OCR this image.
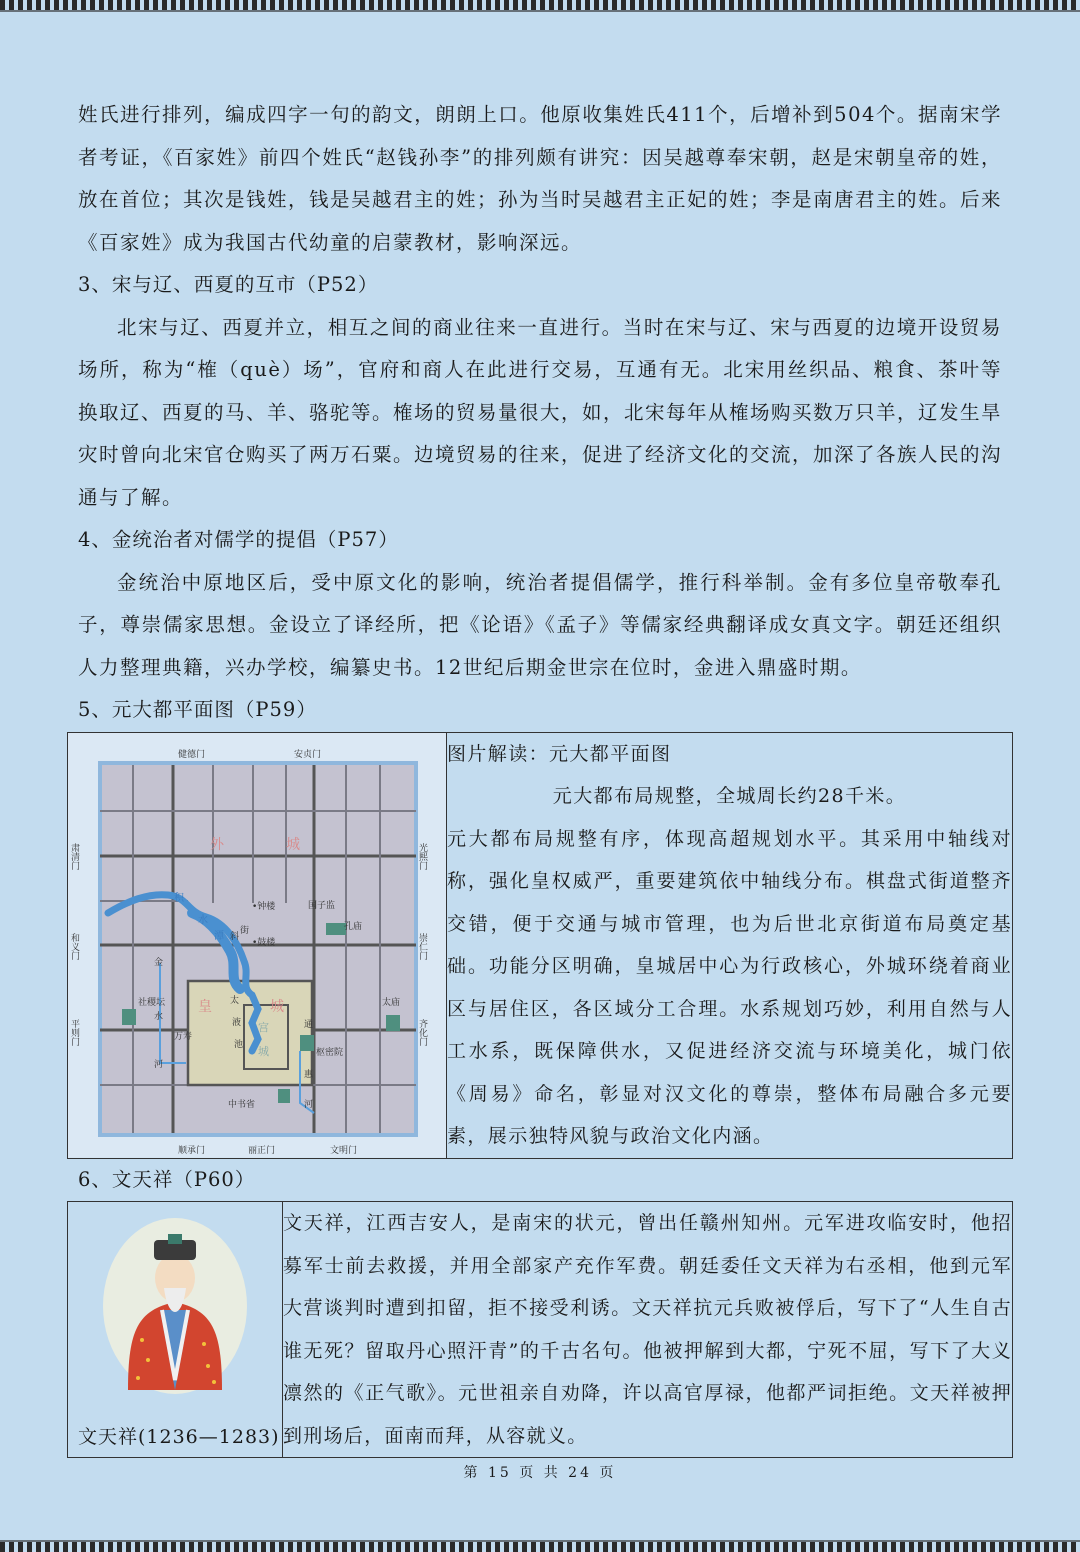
姓氏进行排列，编成四字一句的韵文，朗朗上口。他原收集姓氏411个，后增补到504个。据南宋学者考证，《百家姓》前四个姓氏“赵钱孙李”的排列颇有讲究：因吴越尊奉宋朝，赵是宋朝皇帝的姓，放在首位；其次是钱姓，钱是吴越君主的姓；孙为当时吴越君主正妃的姓；李是南唐君主的姓。后来《百家姓》成为我国古代幼童的启蒙教材，影响深远。

3、宋与辽、西夏的互市（P52）

北宋与辽、西夏并立，相互之间的商业往来一直进行。当时在宋与辽、宋与西夏的边境开设贸易场所，称为“榷（què）场”，官府和商人在此进行交易，互通有无。北宋用丝织品、粮食、茶叶等换取辽、西夏的马、羊、骆驼等。榷场的贸易量很大，如，北宋每年从榷场购买数万只羊，辽发生旱灾时曾向北宋官仓购买了两万石粟。边境贸易的往来，促进了经济文化的交流，加深了各族人民的沟通与了解。

4、金统治者对儒学的提倡（P57）

金统治中原地区后，受中原文化的影响，统治者提倡儒学，推行科举制。金有多位皇帝敬奉孔子，尊崇儒家思想。金设立了译经所，把《论语》《孟子》等儒家经典翻译成女真文字。朝廷还组织人力整理典籍，兴办学校，编纂史书。12世纪后期金世宗在位时，金进入鼎盛时期。

5、元大都平面图（P59）
健德门	安贞门
顺承门	丽正门	文明门
国子监
孔庙
•钟楼
•鼓楼
社稷坛	太庙
枢密院
中书省
斜
街
万寿
金
水
河
太
液
池
通
惠
河
肃清门	光熙门
和义门	崇仁门
平则门	齐化门
外	城
皇	城
宫
城
积
水
潭

图片解读：元大都平面图

元大都布局规整，全城周长约28千米。

元大都布局规整有序，体现高超规划水平。其采用中轴线对称，强化皇权威严，重要建筑依中轴线分布。棋盘式街道整齐交错，便于交通与城市管理，也为后世北京街道布局奠定基础。功能分区明确，皇城居中心为行政核心，外城环绕着商业区与居住区，各区域分工合理。水系规划巧妙，利用自然与人工水系，既保障供水，又促进经济交流与环境美化，城门依《周易》命名，彰显对汉文化的尊崇，整体布局融合多元要素，展示独特风貌与政治文化内涵。

6、文天祥（P60）
文天祥(1236—1283)

文天祥，江西吉安人，是南宋的状元，曾出任赣州知州。元军进攻临安时，他招募军士前去救援，并用全部家产充作军费。朝廷委任文天祥为右丞相，他到元军大营谈判时遭到扣留，拒不接受利诱。文天祥抗元兵败被俘后，写下了“人生自古谁无死？留取丹心照汗青”的千古名句。他被押解到大都，宁死不屈，写下了大义凛然的《正气歌》。元世祖亲自劝降，许以高官厚禄，他都严词拒绝。文天祥被押到刑场后，面南而拜，从容就义。

第 15 页 共 24 页
